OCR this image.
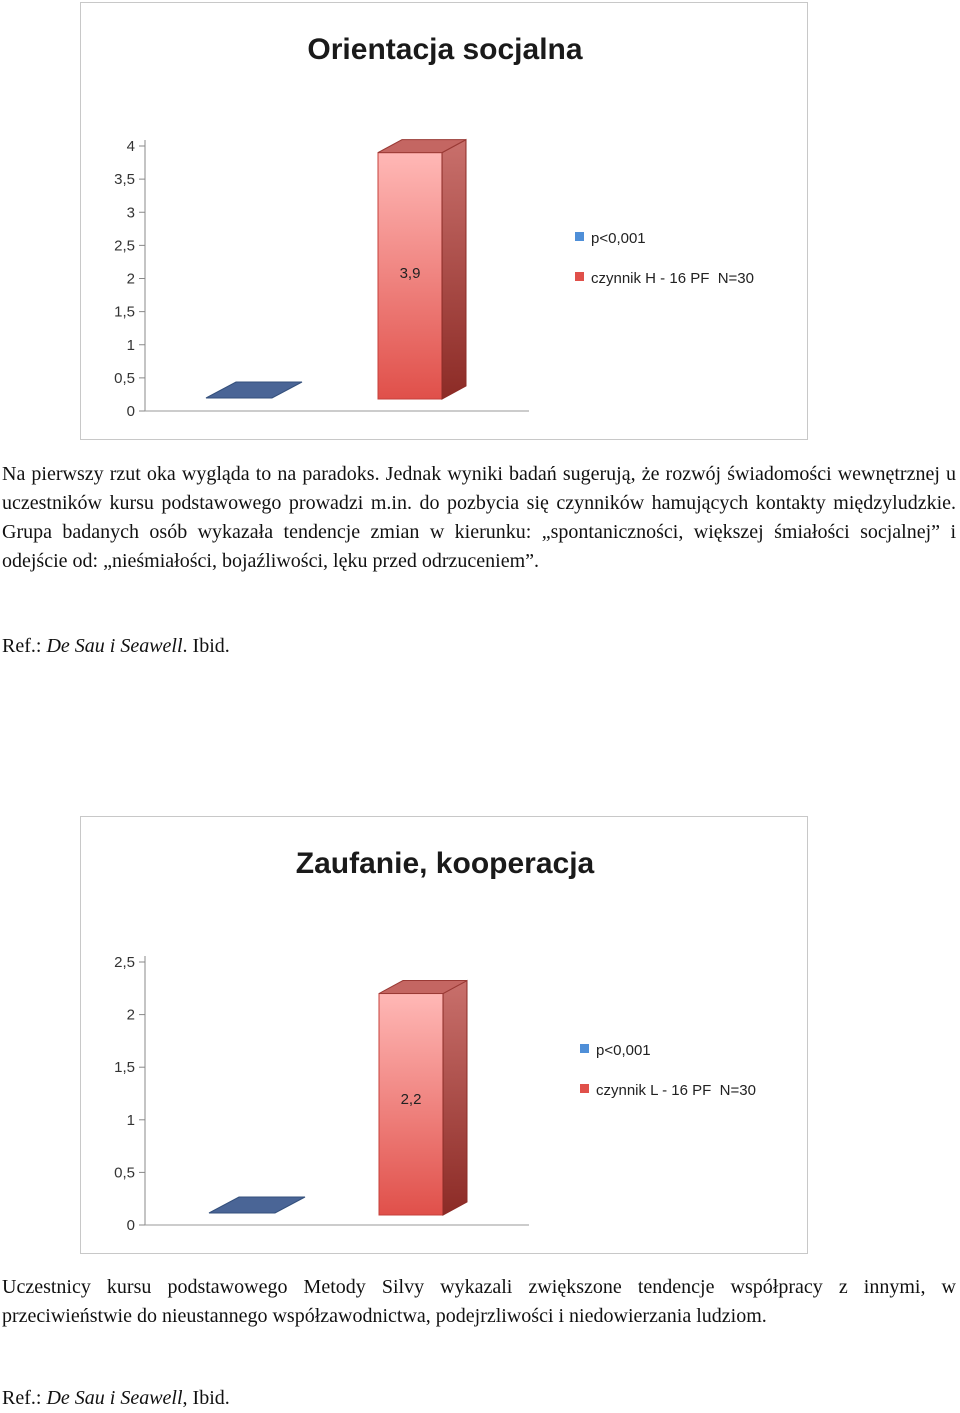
Orientacja socjalna
0
0,5
1
1,5
2
2,5
3
3,5
4
3,9
p<0,001
czynnik H - 16 PF  N=30

Na pierwszy rzut oka wygląda to na paradoks. Jednak wyniki badań sugerują, że rozwój świadomości wewnętrznej u uczestników kursu podstawowego prowadzi m.in. do pozbycia się czynników hamujących kontakty międzyludzkie. Grupa badanych osób wykazała tendencje zmian w kierunku: „spontaniczności, większej śmiałości socjalnej” i odejście od: „nieśmiałości, bojaźliwości, lęku przed odrzuceniem”.

Ref.: De Sau i Seawell. Ibid.

Zaufanie, kooperacja
0
0,5
1
1,5
2
2,5
2,2
p<0,001
czynnik L - 16 PF  N=30

Uczestnicy kursu podstawowego Metody Silvy wykazali zwiększone tendencje współpracy z innymi, w przeciwieństwie do nieustannego współzawodnictwa, podejrzliwości i niedowierzania ludziom.

Ref.: De Sau i Seawell, Ibid.
